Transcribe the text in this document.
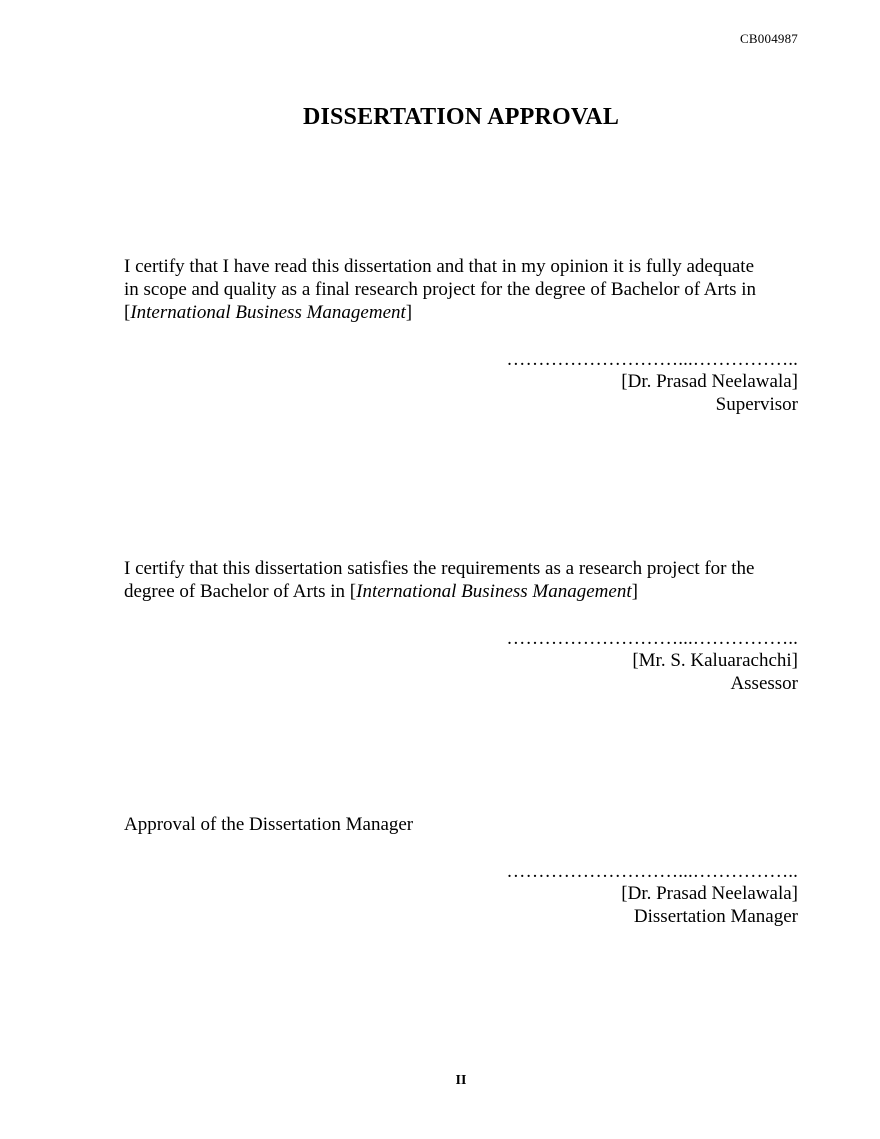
CB004987
DISSERTATION APPROVAL
I certify that I have read this dissertation and that in my opinion it is fully adequate
in scope and quality as a final research project for the degree of Bachelor of Arts in
[International Business Management]
………………………...……………..
[Dr. Prasad Neelawala]
Supervisor
I certify that this dissertation satisfies the requirements as a research project for the
degree of Bachelor of Arts in [International Business Management]
………………………...……………..
[Mr. S. Kaluarachchi]
Assessor
Approval of the Dissertation Manager
………………………...……………..
[Dr. Prasad Neelawala]
Dissertation Manager
II
